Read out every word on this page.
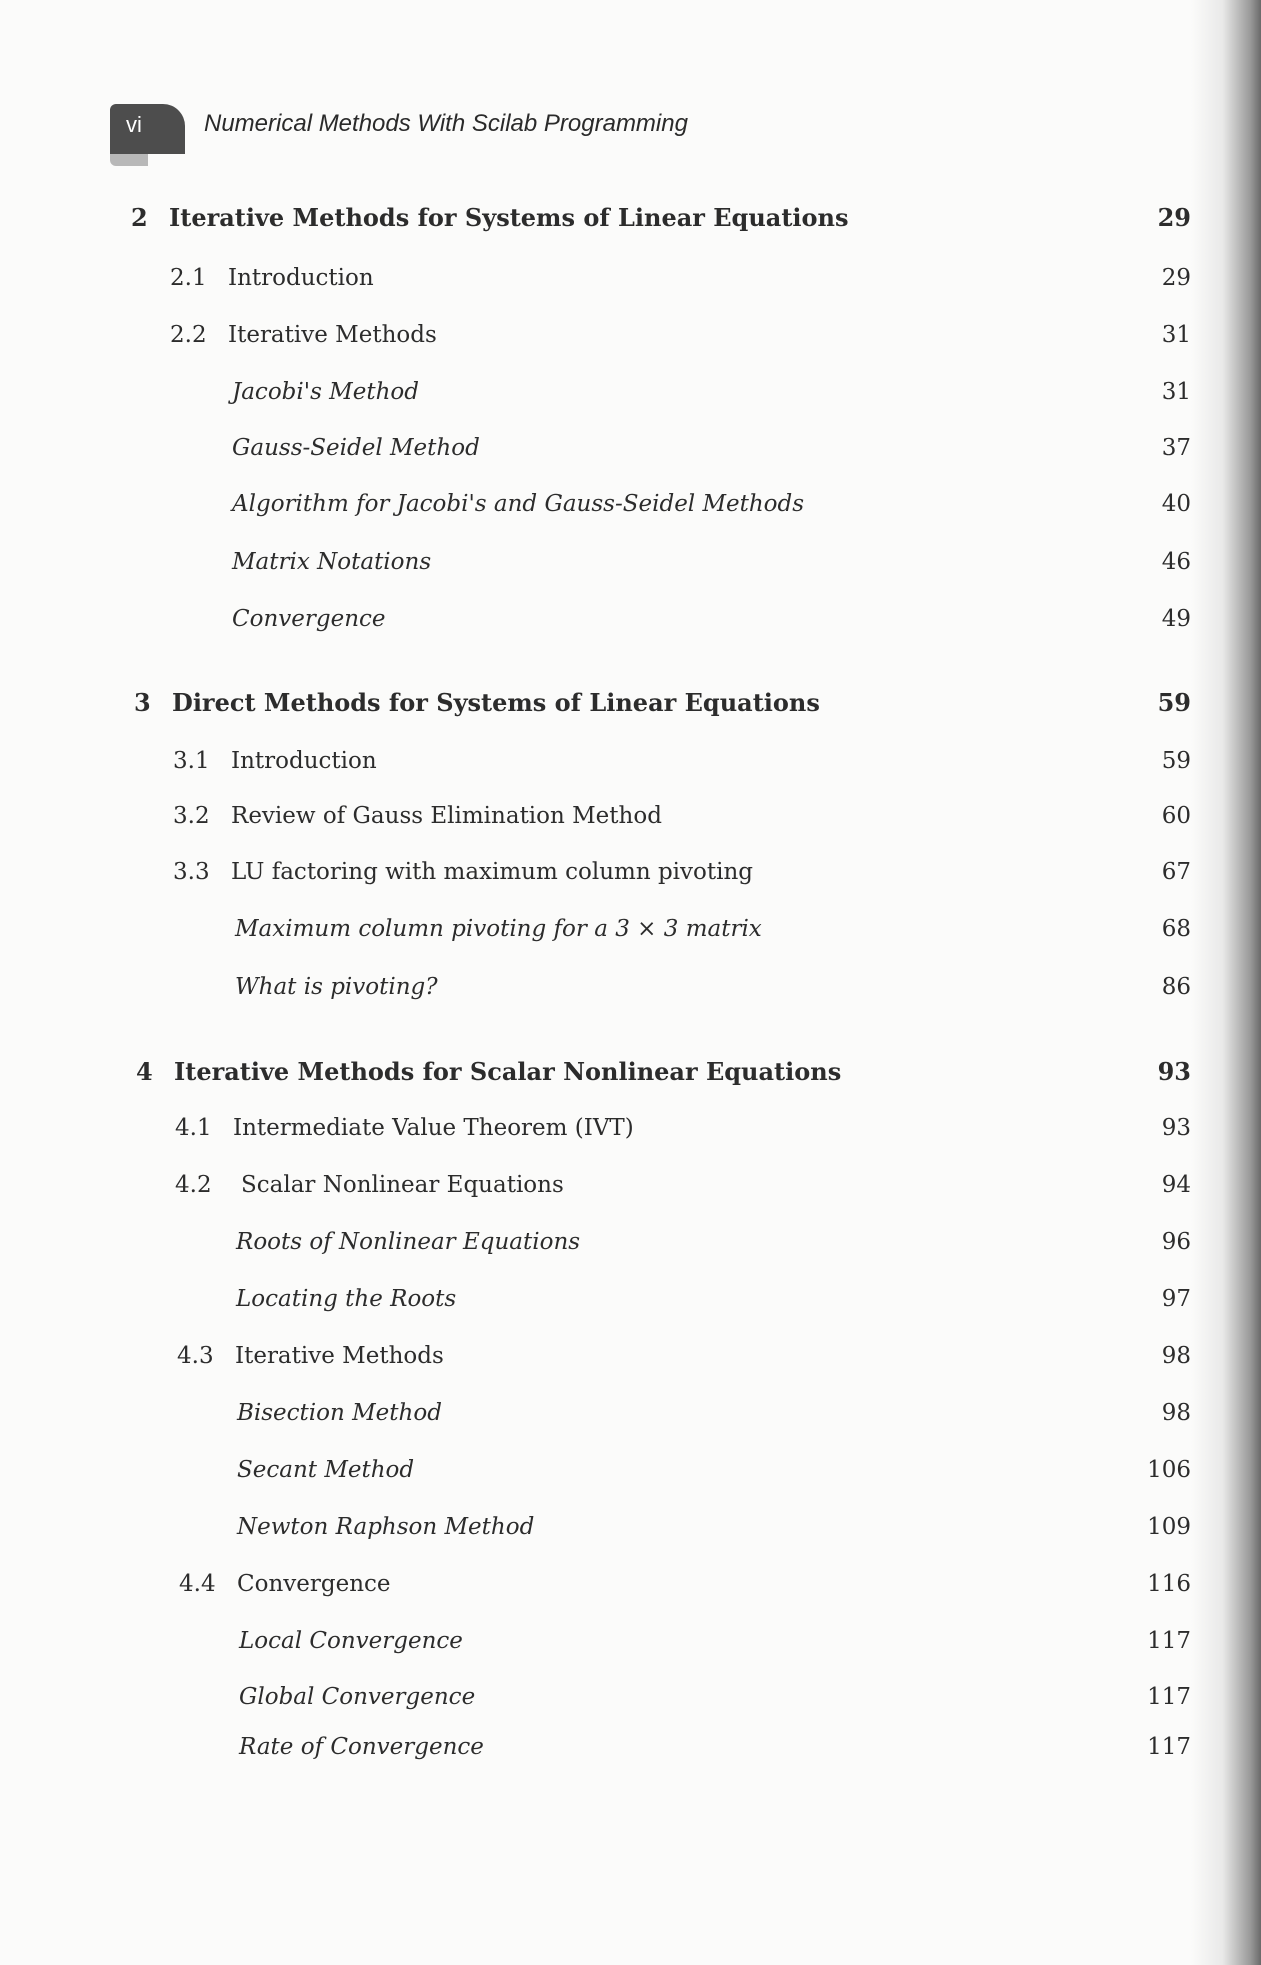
vi	Numerical Methods With Scilab Programming
2 Iterative Methods for Systems of Linear Equations	29
2.1 Introduction	29
2.2 Iterative Methods	31
Jacobi's Method	31
Gauss-Seidel Method	37
Algorithm for Jacobi's and Gauss-Seidel Methods	40
Matrix Notations	46
Convergence	49
3 Direct Methods for Systems of Linear Equations	59
3.1 Introduction	59
3.2 Review of Gauss Elimination Method	60
3.3 LU factoring with maximum column pivoting	67
Maximum column pivoting for a 3 × 3 matrix	68
What is pivoting?	86
4 Iterative Methods for Scalar Nonlinear Equations	93
4.1 Intermediate Value Theorem (IVT)	93
4.2 Scalar Nonlinear Equations	94
Roots of Nonlinear Equations	96
Locating the Roots	97
4.3 Iterative Methods	98
Bisection Method	98
Secant Method	106
Newton Raphson Method	109
4.4 Convergence	116
Local Convergence	117
Global Convergence	117
Rate of Convergence	117
